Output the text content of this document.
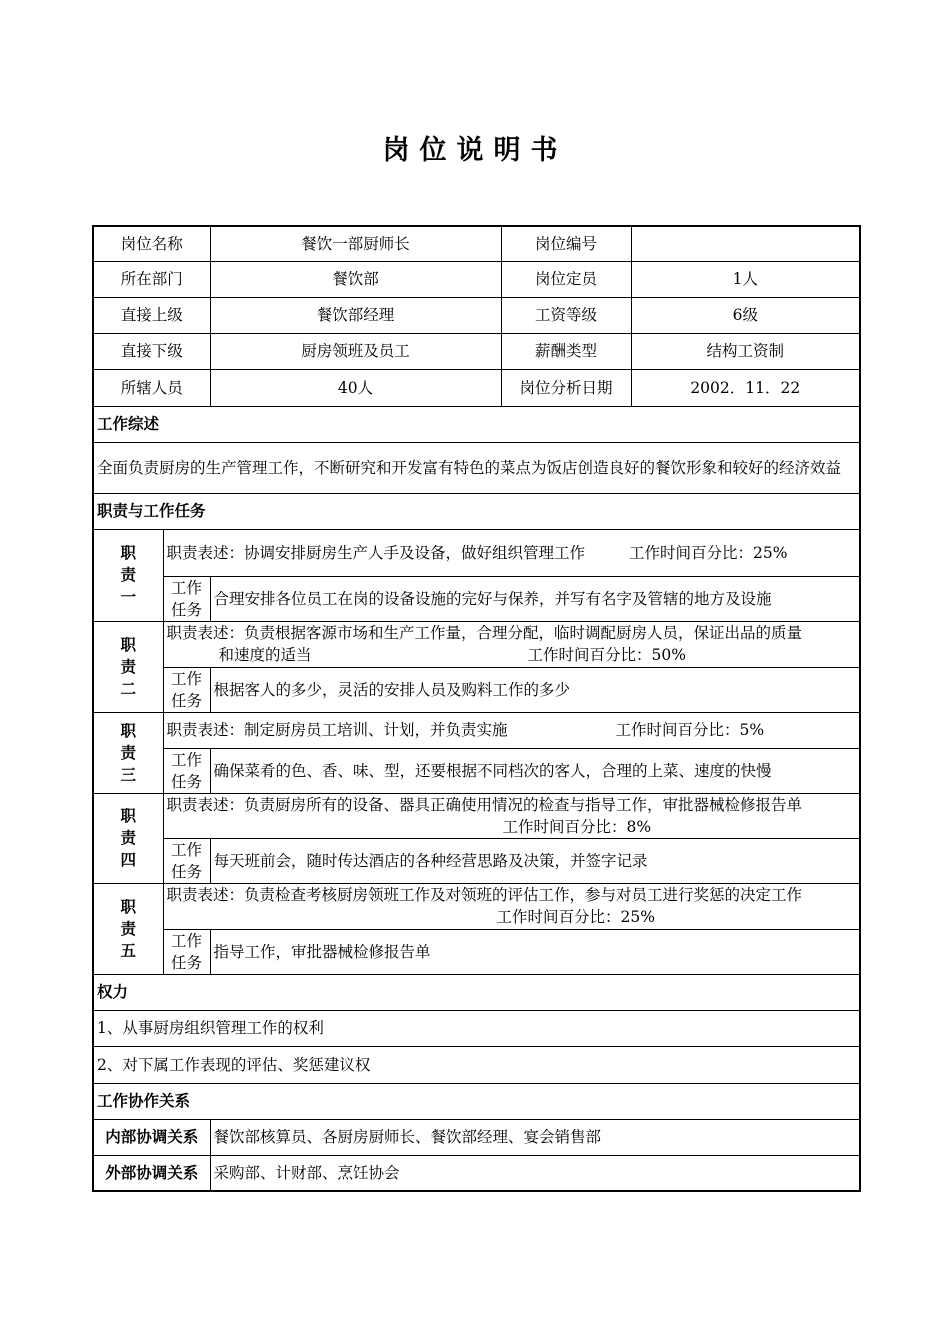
岗位说明书
岗位名称		餐饮一部厨师长	岗位编号	
所在部门		餐饮部	岗位定员	1人
直接上级		餐饮部经理	工资等级	6级
直接下级		厨房领班及员工	薪酬类型	结构工资制
所辖人员		40人	岗位分析日期	2002．11．22
工作综述				
全面负责厨房的生产管理工作，不断研究和开发富有特色的菜点为饭店创造良好的餐饮形象和较好的经济效益				
职责与工作任务				
职责一	职责表述：协调安排厨房生产人手及设备，做好组织管理工作 工作时间百分比：25%			
	工作任务	合理安排各位员工在岗的设备设施的完好与保养，并写有名字及管辖的地方及设施		
职责二	职责表述：负责根据客源市场和生产工作量，合理分配，临时调配厨房人员，保证出品的质量
和速度的适当 工作时间百分比：50%			

	工作任务	根据客人的多少，灵活的安排人员及购料工作的多少		
职责三	职责表述：制定厨房员工培训、计划，并负责实施 工作时间百分比：5%			
	工作任务	确保菜肴的色、香、味、型，还要根据不同档次的客人，合理的上菜、速度的快慢		
职责四	职责表述：负责厨房所有的设备、器具正确使用情况的检查与指导工作，审批器械检修报告单
工作时间百分比：8%			

	工作任务	每天班前会，随时传达酒店的各种经营思路及决策，并签字记录		
职责五	职责表述：负责检查考核厨房领班工作及对领班的评估工作，参与对员工进行奖惩的决定工作
工作时间百分比：25%			

	工作任务	指导工作，审批器械检修报告单		
权力				
1、从事厨房组织管理工作的权利				
2、对下属工作表现的评估、奖惩建议权				
工作协作关系				
内部协调关系		餐饮部核算员、各厨房厨师长、餐饮部经理、宴会销售部		
外部协调关系		采购部、计财部、烹饪协会		
